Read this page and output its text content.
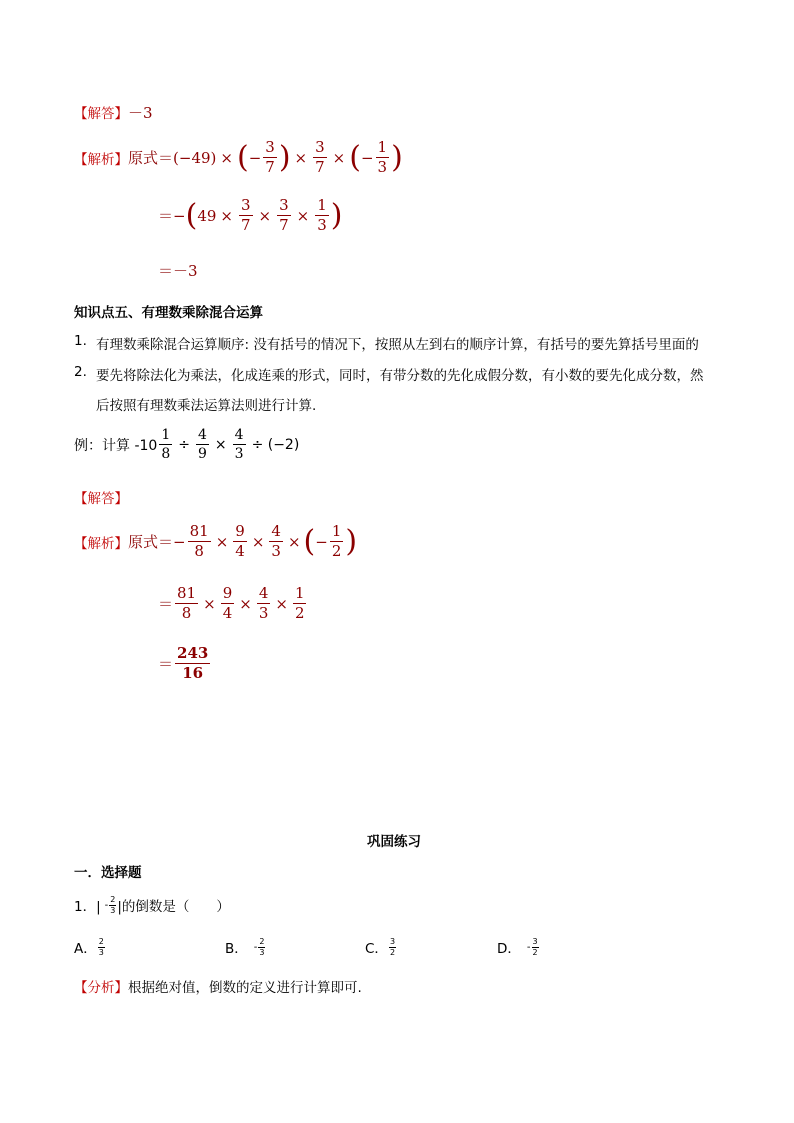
【解答】－3
【解析】 原式 ＝ (−49) × ( − $\frac{3}{7}$ ) × $\frac{3}{7}$ × ( − $\frac{1}{3}$ )
＝ − ( $49 \times \frac{3}{7} \times \frac{3}{7} \times \frac{1}{3}$ )
＝－3
知识点五、有理数乘除混合运算
1. 有理数乘除混合运算顺序: 没有括号的情况下，按照从左到右的顺序计算，有括号的要先算括号里面的
2. 要先将除法化为乘法，化成连乘的形式，同时，有带分数的先化成假分数，有小数的要先化成分数，然
后按照有理数乘法运算法则进行计算.
例：计算 $-10 \frac{1}{8} \div \frac{4}{9} \times \frac{4}{3} \div (-2)$
【解答】
【解析】 原式 ＝− $\frac{81}{8} \times \frac{9}{4} \times \frac{4}{3}$ × ( − $\frac{1}{2}$ )
＝ $\frac{81}{8} \times \frac{9}{4} \times \frac{4}{3} \times \frac{1}{2}$
＝ $\frac{243}{16}$
巩固练习
一．选择题
1．| -
2
3 |的倒数是（　　）
A． 2
3	B． -
2
3	C． 3
2	D． -
3
2
【分析】根据绝对值，倒数的定义进行计算即可.
